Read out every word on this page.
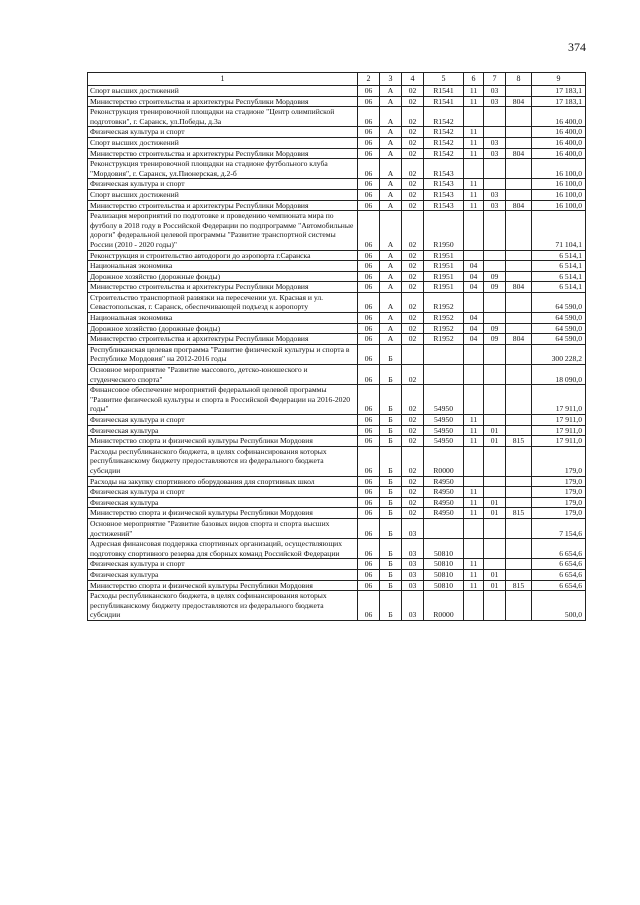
374
1	2	3	4	5	6	7	8	9
Спорт высших достижений	06	А	02	R1541	11	03		17 183,1
Министерство строительства и архитектуры Республики Мордовия	06	А	02	R1541	11	03	804	17 183,1
Реконструкция тренировочной площадки на стадионе "Центр олимпийской подготовки", г. Саранск, ул.Победы, д.3а	06	А	02	R1542				16 400,0
Физическая культура и спорт	06	А	02	R1542	11			16 400,0
Спорт высших достижений	06	А	02	R1542	11	03		16 400,0
Министерство строительства и архитектуры Республики Мордовия	06	А	02	R1542	11	03	804	16 400,0
Реконструкция тренировочной площадки на стадионе футбольного клуба "Мордовия", г. Саранск, ул.Пионерская, д.2-б	06	А	02	R1543				16 100,0
Физическая культура и спорт	06	А	02	R1543	11			16 100,0
Спорт высших достижений	06	А	02	R1543	11	03		16 100,0
Министерство строительства и архитектуры Республики Мордовия	06	А	02	R1543	11	03	804	16 100,0
Реализация мероприятий по подготовке и проведению чемпионата мира по футболу в 2018 году в Российской Федерации по подпрограмме "Автомобильные дороги" федеральной целевой программы "Развитие транспортной системы России (2010 - 2020 годы)"	06	А	02	R1950				71 104,1
Реконструкция и строительство автодороги до аэропорта г.Саранска	06	А	02	R1951				6 514,1
Национальная экономика	06	А	02	R1951	04			6 514,1
Дорожное хозяйство (дорожные фонды)	06	А	02	R1951	04	09		6 514,1
Министерство строительства и архитектуры Республики Мордовия	06	А	02	R1951	04	09	804	6 514,1
Строительство транспортной развязки на пересечении ул. Красная и ул. Севастопольская, г. Саранск, обеспечивающей подъезд к аэропорту	06	А	02	R1952				64 590,0
Национальная экономика	06	А	02	R1952	04			64 590,0
Дорожное хозяйство (дорожные фонды)	06	А	02	R1952	04	09		64 590,0
Министерство строительства и архитектуры Республики Мордовия	06	А	02	R1952	04	09	804	64 590,0
Республиканская целевая программа "Развитие физической культуры и спорта в Республике Мордовия" на 2012-2016 годы	06	Б						300 228,2
Основное мероприятие "Развитие массового, детско-юношеского и студенческого спорта"	06	Б	02					18 090,0
Финансовое обеспечение мероприятий федеральной целевой программы "Развитие физической культуры и спорта в Российской Федерации на 2016-2020 годы"	06	Б	02	54950				17 911,0
Физическая культура и спорт	06	Б	02	54950	11			17 911,0
Физическая культура	06	Б	02	54950	11	01		17 911,0
Министерство спорта и физической культуры Республики Мордовия	06	Б	02	54950	11	01	815	17 911,0
Расходы республиканского бюджета, в целях софинансирования которых республиканскому бюджету предоставляются из федерального бюджета субсидии	06	Б	02	R0000				179,0
Расходы на закупку спортивного оборудования для спортивных школ	06	Б	02	R4950				179,0
Физическая культура и спорт	06	Б	02	R4950	11			179,0
Физическая культура	06	Б	02	R4950	11	01		179,0
Министерство спорта и физической культуры Республики Мордовия	06	Б	02	R4950	11	01	815	179,0
Основное мероприятие "Развитие базовых видов спорта и спорта высших достижений"	06	Б	03					7 154,6
Адресная финансовая поддержка спортивных организаций, осуществляющих подготовку спортивного резерва для сборных команд Российской Федерации	06	Б	03	50810				6 654,6
Физическая культура и спорт	06	Б	03	50810	11			6 654,6
Физическая культура	06	Б	03	50810	11	01		6 654,6
Министерство спорта и физической культуры Республики Мордовия	06	Б	03	50810	11	01	815	6 654,6
Расходы республиканского бюджета, в целях софинансирования которых республиканскому бюджету предоставляются из федерального бюджета субсидии	06	Б	03	R0000				500,0
